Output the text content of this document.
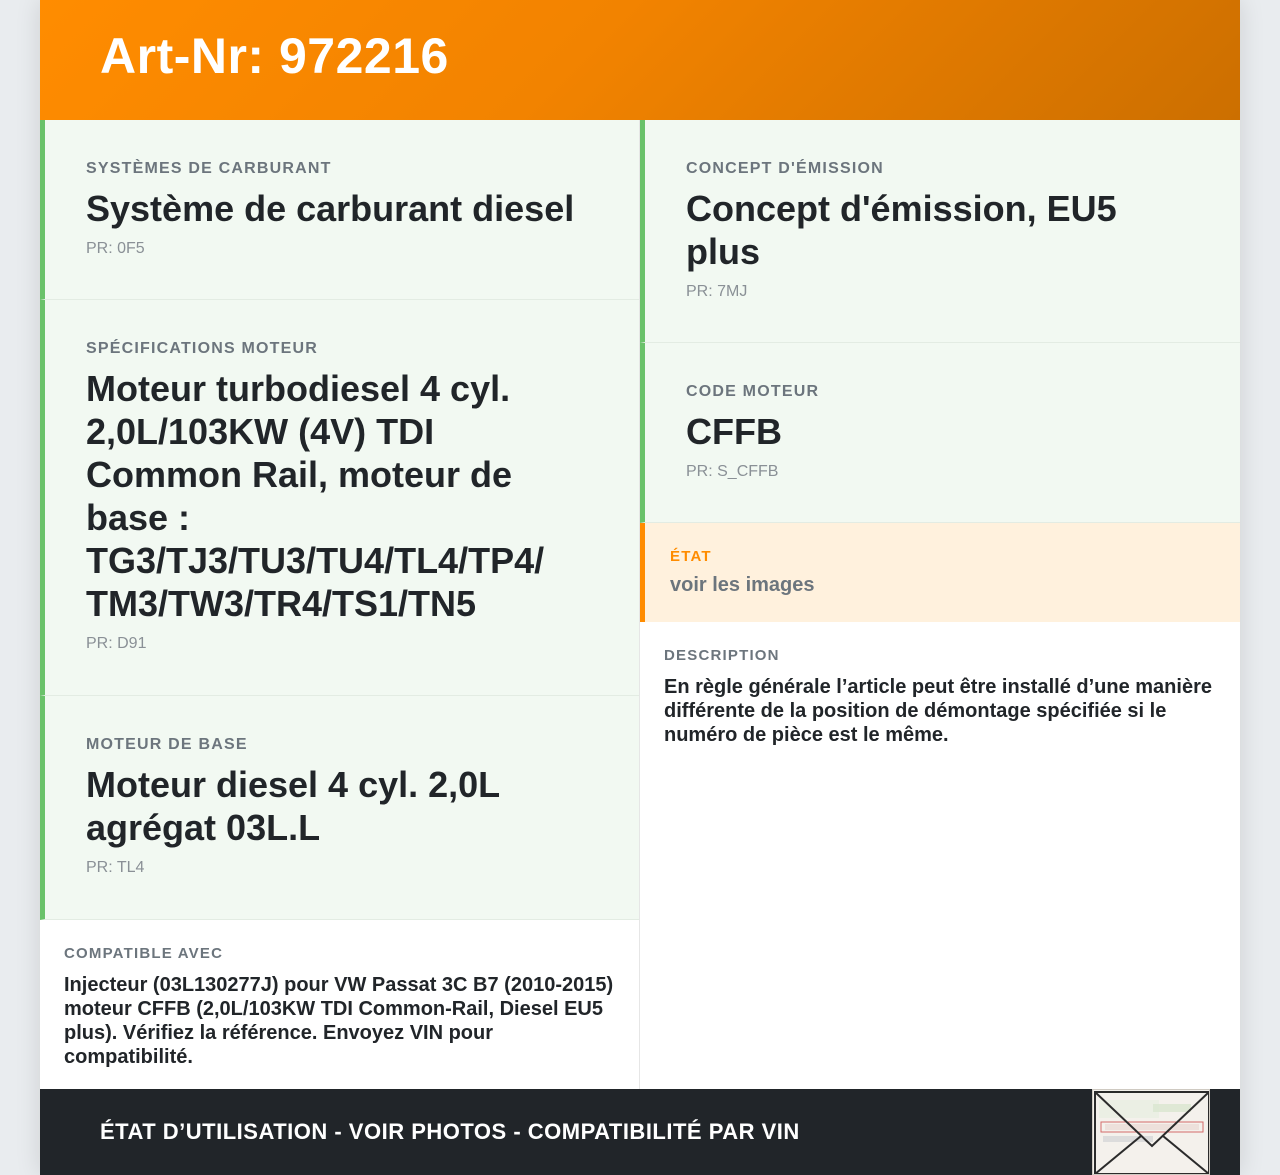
Art-Nr: 972216
SYSTÈMES DE CARBURANT
Système de carburant diesel
PR: 0F5
SPÉCIFICATIONS MOTEUR
Moteur turbodiesel 4 cyl. 2,0L/103KW (4V) TDI Common Rail, moteur de base : TG3/TJ3/TU3/TU4/TL4/TP4/ TM3/TW3/TR4/TS1/TN5
PR: D91
MOTEUR DE BASE
Moteur diesel 4 cyl. 2,0L agrégat 03L.L
PR: TL4
COMPATIBLE AVEC
Injecteur (03L130277J) pour VW Passat 3C B7 (2010-2015) moteur CFFB (2,0L/103KW TDI Common-Rail, Diesel EU5 plus). Vérifiez la référence. Envoyez VIN pour compatibilité.
CONCEPT D'ÉMISSION
Concept d'émission, EU5 plus
PR: 7MJ
CODE MOTEUR
CFFB
PR: S_CFFB
ÉTAT
voir les images
DESCRIPTION
En règle générale l’article peut être installé d’une manière différente de la position de démontage spécifiée si le numéro de pièce est le même.
ÉTAT D’UTILISATION - VOIR PHOTOS - COMPATIBILITÉ PAR VIN
